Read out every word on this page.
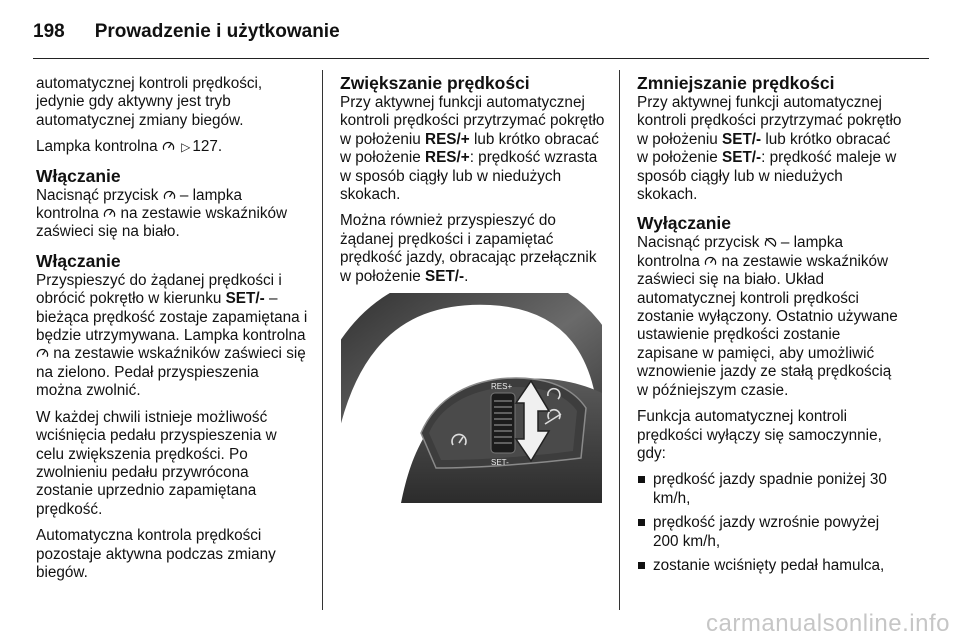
198 Prowadzenie i użytkowanie

automatycznej kontroli prędkości, jedynie gdy aktywny jest tryb automatycznej zmiany biegów.

Lampka kontrolna ▷ 127.

Włączanie

Nacisnąć przycisk – lampka kontrolna na zestawie wskaźników zaświeci się na biało.

Włączanie

Przyspieszyć do żądanej prędkości i obrócić pokrętło w kierunku SET/- – bieżąca prędkość zostaje zapamiętana i będzie utrzymywana. Lampka kontrolna  na zestawie wskaźników zaświeci się na zielono. Pedał przyspieszenia można zwolnić.

W każdej chwili istnieje możliwość wciśnięcia pedału przyspieszenia w celu zwiększenia prędkości. Po zwolnieniu pedału przywrócona zostanie uprzednio zapamiętana prędkość.

Automatyczna kontrola prędkości pozostaje aktywna podczas zmiany biegów.

Zwiększanie prędkości

Przy aktywnej funkcji automatycznej kontroli prędkości przytrzymać pokrętło w położeniu RES/+ lub krótko obracać w położenie RES/+: prędkość wzrasta w sposób ciągły lub w niedużych skokach.

Można również przyspieszyć do żądanej prędkości i zapamiętać prędkość jazdy, obracając przełącznik w położenie SET/-.

RES+
SET-
Zmniejszanie prędkości

Przy aktywnej funkcji automatycznej kontroli prędkości przytrzymać pokrętło w położeniu SET/- lub krótko obracać w położenie SET/-: prędkość maleje w sposób ciągły lub w niedużych skokach.

Wyłączanie

Nacisnąć przycisk – lampka kontrolna na zestawie wskaźników zaświeci się na biało. Układ automatycznej kontroli prędkości zostanie wyłączony. Ostatnio używane ustawienie prędkości zostanie zapisane w pamięci, aby umożliwić wznowienie jazdy ze stałą prędkością w późniejszym czasie.

Funkcja automatycznej kontroli prędkości wyłączy się samoczynnie, gdy:

prędkość jazdy spadnie poniżej 30 km/h,
prędkość jazdy wzrośnie powyżej 200 km/h,
zostanie wciśnięty pedał hamulca,
carmanualsonline.info
